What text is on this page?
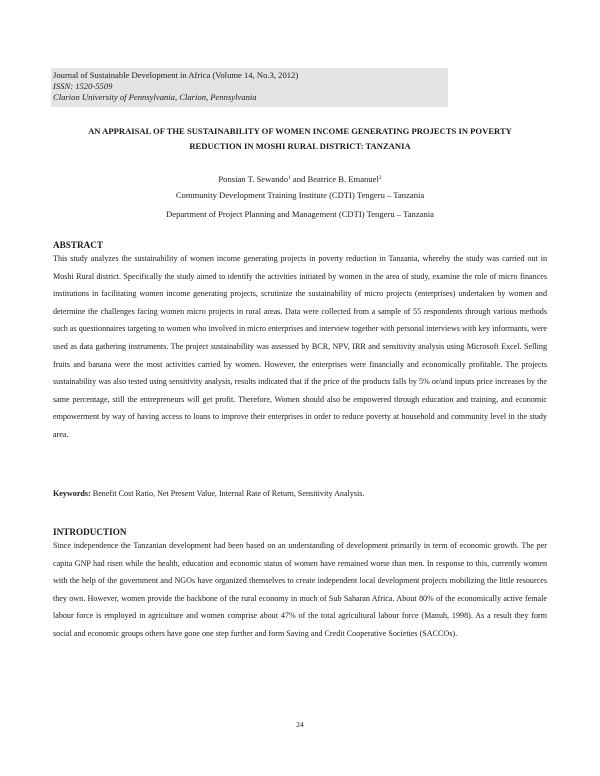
Journal of Sustainable Development in Africa (Volume 14, No.3, 2012)
ISSN: 1520-5509
Clarion University of Pennsylvania, Clarion, Pennsylvania
AN APPRAISAL OF THE SUSTAINABILITY OF WOMEN INCOME GENERATING PROJECTS IN POVERTY
REDUCTION IN MOSHI RURAL DISTRICT: TANZANIA
Ponsian T. Sewando$^1$ and Beatrice B. Emanuel$^2$
Community Development Training Institute (CDTI) Tengeru – Tanzania
Department of Project Planning and Management (CDTI) Tengeru – Tanzania
ABSTRACT
This study analyzes the sustainability of women income generating projects in poverty reduction in Tanzania, whereby the study was carried out in Moshi Rural district. Specifically the study aimed to identify the activities initiated by women in the area of study, examine the role of micro finances institutions in facilitating women income generating projects, scrutinize the sustainability of micro projects (enterprises) undertaken by women and determine the challenges facing women micro projects in rural areas. Data were collected from a sample of 55 respondents through various methods such as questionnaires targeting to women who involved in micro enterprises and interview together with personal interviews with key informants, were used as data gathering instruments. The project sustainability was assessed by BCR, NPV, IRR and sensitivity analysis using Microsoft Excel. Selling fruits and banana were the most activities carried by women. However, the enterprises were financially and economically profitable. The projects sustainability was also tested using sensitivity analysis, results indicated that if the price of the products falls by 5% or/and inputs price increases by the same percentage, still the entrepreneurs will get profit. Therefore, Women should also be empowered through education and training, and economic empowerment by way of having access to loans to improve their enterprises in order to reduce poverty at household and community level in the study area.
Keywords: Benefit Cost Ratio, Net Present Value, Internal Rate of Return, Sensitivity Analysis.
INTRODUCTION
Since independence the Tanzanian development had been based on an understanding of development primarily in term of economic growth. The per capita GNP had risen while the health, education and economic status of women have remained worse than men. In response to this, currently women with the help of the government and NGOs have organized themselves to create independent local development projects mobilizing the little resources they own. However, women provide the backbone of the rural economy in much of Sub Saharan Africa. About 80% of the economically active female labour force is employed in agriculture and women comprise about 47% of the total agricultural labour force (Manuh, 1998). As a result they form social and economic groups others have gone one step further and form Saving and Credit Cooperative Societies (SACCOs).
24
